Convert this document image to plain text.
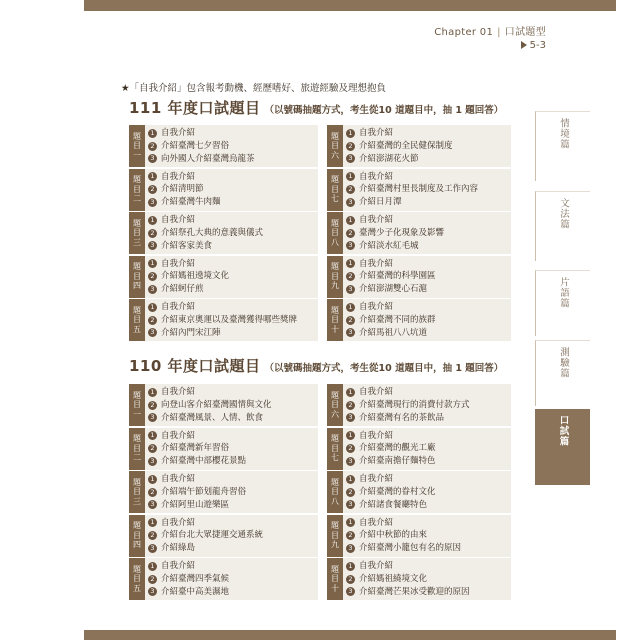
Chapter 01 | 口試題型
5-3
★「自我介紹」包含報考動機、經歷嗜好、旅遊經驗及理想抱負
111 年度口試題目 （以號碼抽題方式，考生從10 道題目中，抽 1 題回答）
題
目
一
1 自我介紹
2 介紹臺灣七夕習俗
3 向外國人介紹臺灣烏龍茶
題
目
六
1 自我介紹
2 介紹臺灣的全民健保制度
3 介紹澎湖花火節
題
目
二
1 自我介紹
2 介紹清明節
3 介紹臺灣牛肉麵
題
目
七
1 自我介紹
2 介紹臺灣村里長制度及工作內容
3 介紹日月潭
題
目
三
1 自我介紹
2 介紹祭孔大典的意義與儀式
3 介紹客家美食
題
目
八
1 自我介紹
2 臺灣少子化現象及影響
3 介紹淡水紅毛城
題
目
四
1 自我介紹
2 介紹媽祖遶境文化
3 介紹蚵仔煎
題
目
九
1 自我介紹
2 介紹臺灣的科學園區
3 介紹澎湖雙心石滬
題
目
五
1 自我介紹
2 介紹東京奧運以及臺灣獲得哪些獎牌
3 介紹內門宋江陣
題
目
十
1 自我介紹
2 介紹臺灣不同的族群
3 介紹馬祖八八坑道
110 年度口試題目 （以號碼抽題方式，考生從10 道題目中，抽 1 題回答）
題
目
一
1 自我介紹
2 向登山客介紹臺灣國情與文化
3 介紹臺灣風景、人情、飲食
題
目
六
1 自我介紹
2 介紹臺灣現行的消費付款方式
3 介紹臺灣有名的茶飲品
題
目
二
1 自我介紹
2 介紹臺灣新年習俗
3 介紹臺灣中部櫻花景點
題
目
七
1 自我介紹
2 介紹臺灣的觀光工廠
3 介紹臺南擔仔麵特色
題
目
三
1 自我介紹
2 介紹端午節划龍舟習俗
3 介紹阿里山遊樂區
題
目
八
1 自我介紹
2 介紹臺灣的眷村文化
3 介紹諸食餐廳特色
題
目
四
1 自我介紹
2 介紹台北大眾捷運交通系統
3 介紹綠島
題
目
九
1 自我介紹
2 介紹中秋節的由來
3 介紹臺灣小籠包有名的原因
題
目
五
1 自我介紹
2 介紹臺灣四季氣候
3 介紹臺中高美濕地
題
目
十
1 自我介紹
2 介紹媽祖繞境文化
3 介紹臺灣芒果冰受歡迎的原因
情境篇
文法篇
片語篇
測驗篇
口試篇
